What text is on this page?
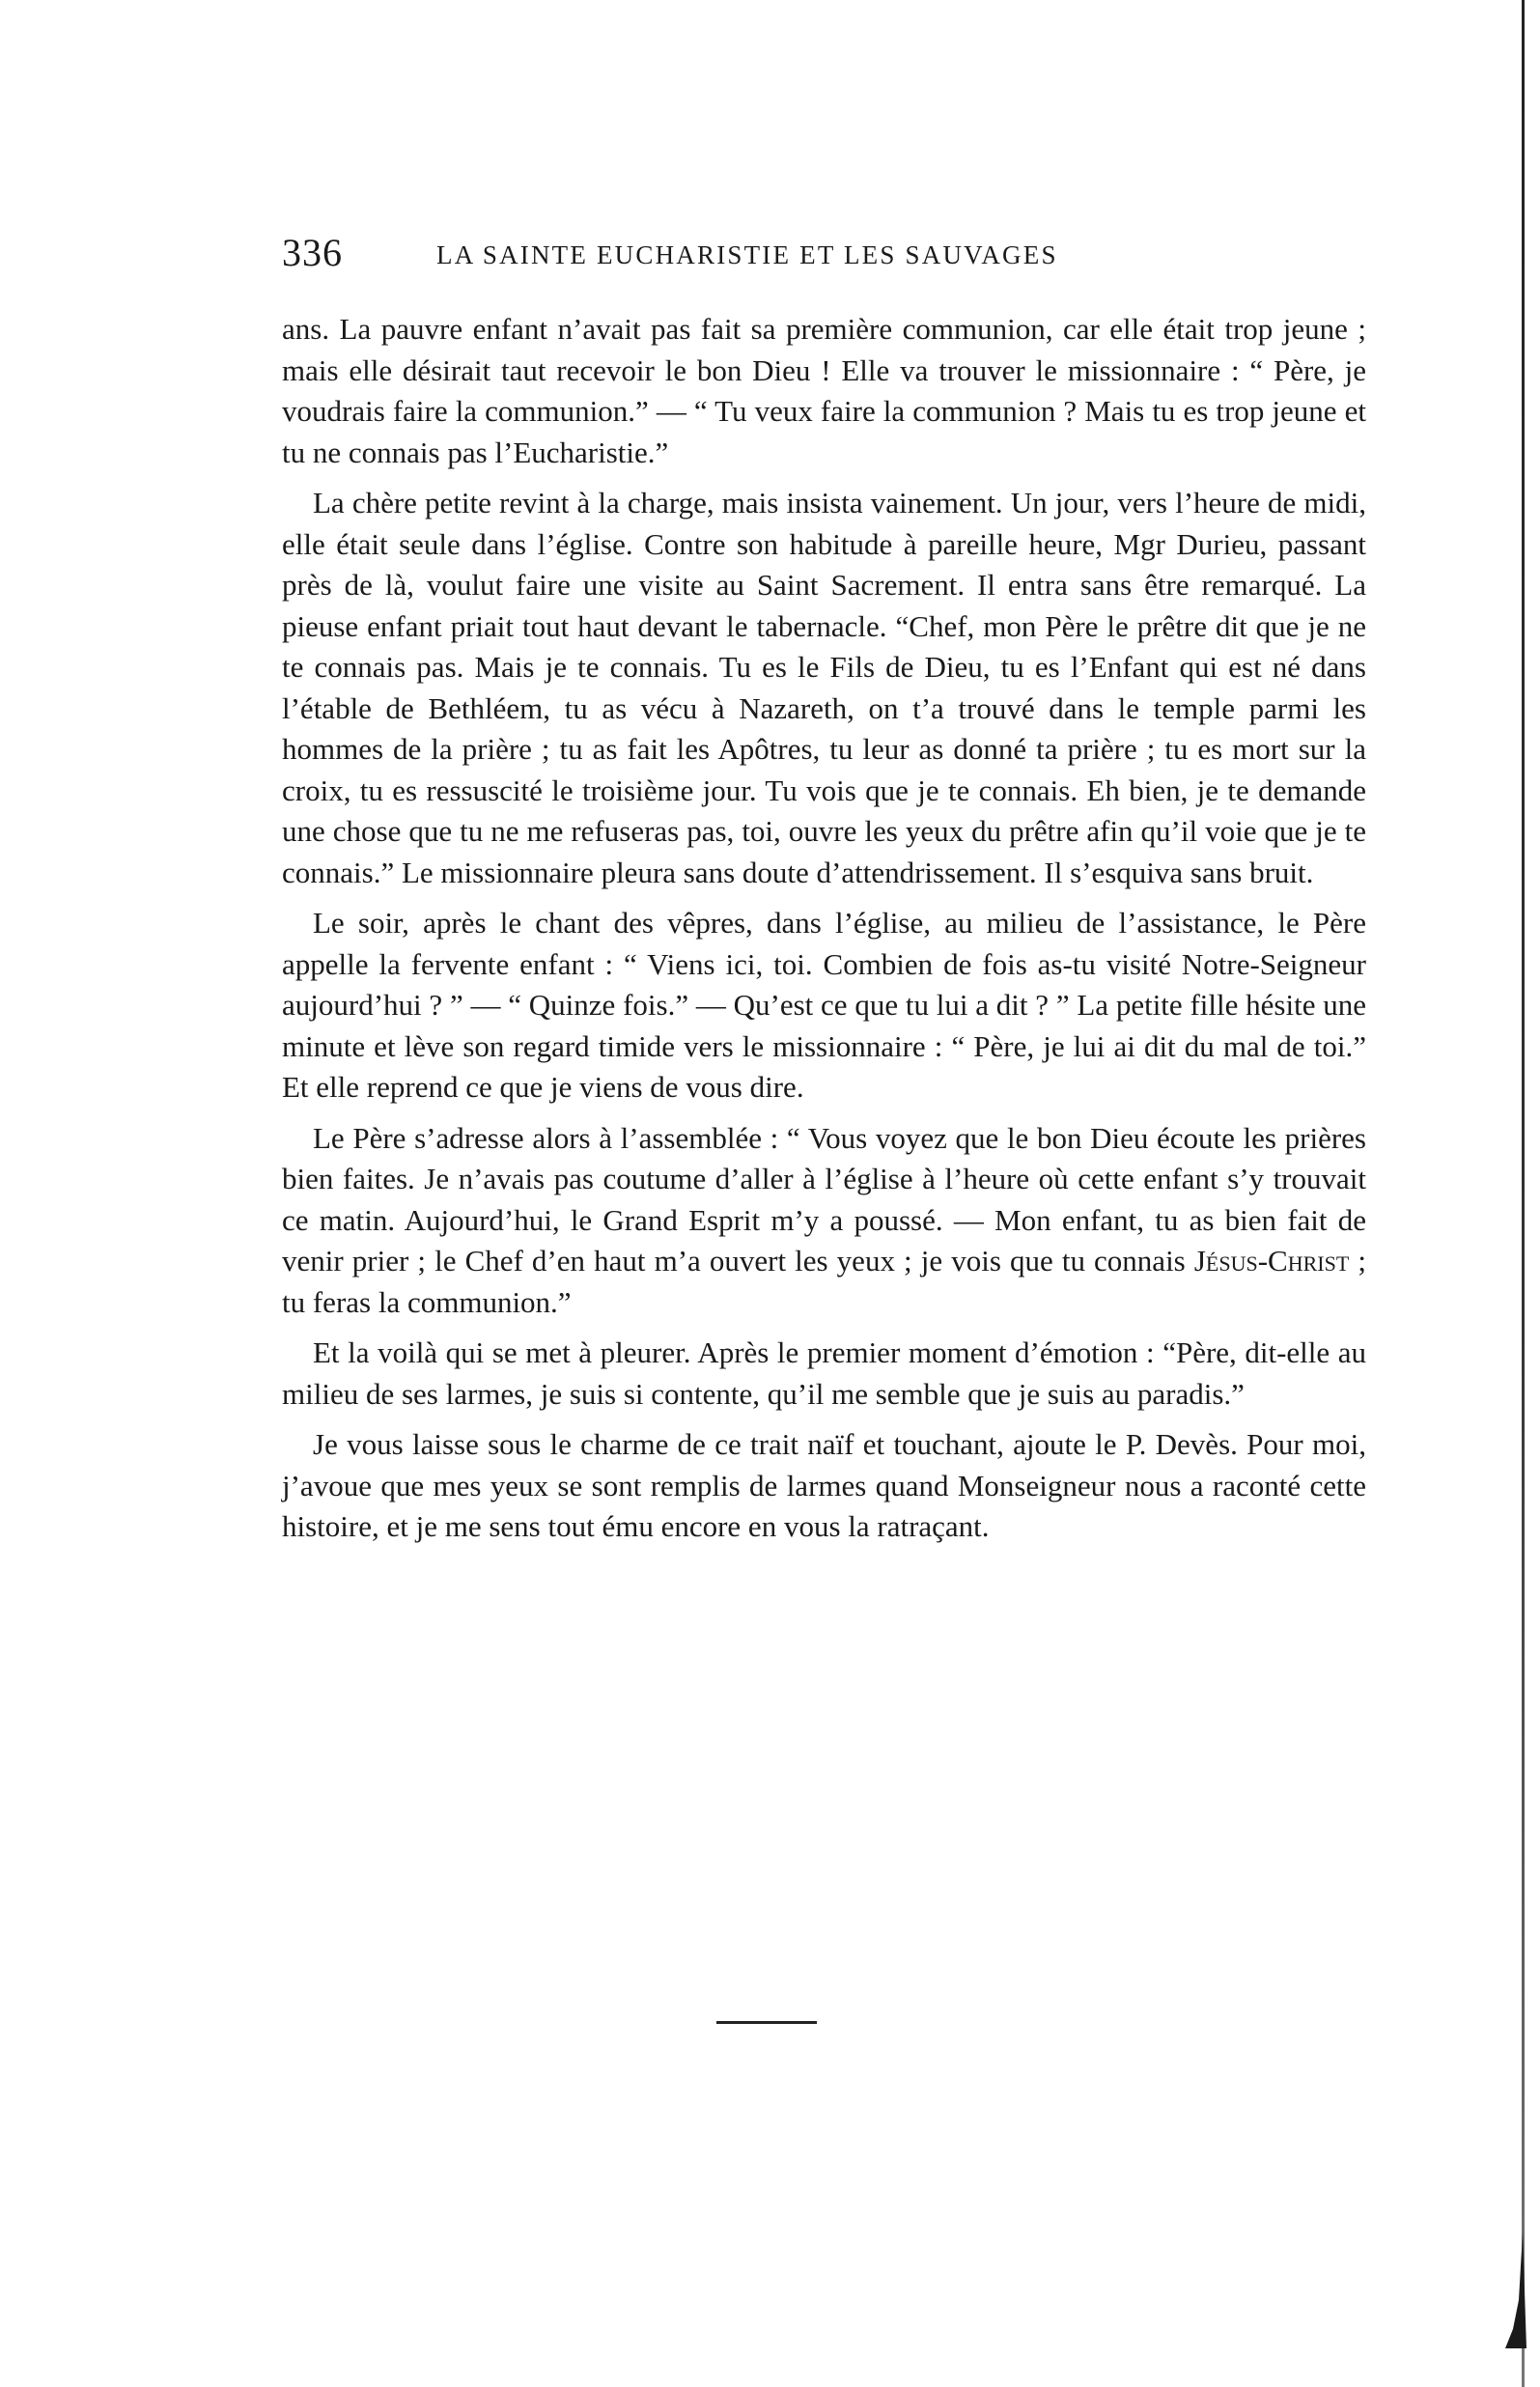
336	LA SAINTE EUCHARISTIE ET LES SAUVAGES

ans. La pauvre enfant n’avait pas fait sa première communion, car elle était trop jeune ; mais elle désirait taut recevoir le bon Dieu ! Elle va trouver le missionnaire : “ Père, je voudrais faire la communion.” — “ Tu veux faire la communion ? Mais tu es trop jeune et tu ne connais pas l’Eucharistie.”

La chère petite revint à la charge, mais insista vainement. Un jour, vers l’heure de midi, elle était seule dans l’église. Contre son habitude à pareille heure, Mgr Durieu, passant près de là, voulut faire une visite au Saint Sacrement. Il entra sans être remarqué. La pieuse enfant priait tout haut devant le tabernacle. “Chef, mon Père le prêtre dit que je ne te connais pas. Mais je te connais. Tu es le Fils de Dieu, tu es l’Enfant qui est né dans l’étable de Bethléem, tu as vécu à Nazareth, on t’a trouvé dans le temple parmi les hommes de la prière ; tu as fait les Apôtres, tu leur as donné ta prière ; tu es mort sur la croix, tu es ressuscité le troisième jour. Tu vois que je te connais. Eh bien, je te demande une chose que tu ne me refuseras pas, toi, ouvre les yeux du prêtre afin qu’il voie que je te connais.” Le missionnaire pleura sans doute d’attendrissement. Il s’esquiva sans bruit.

Le soir, après le chant des vêpres, dans l’église, au milieu de l’assistance, le Père appelle la fervente enfant : “ Viens ici, toi. Combien de fois as-tu visité Notre-Seigneur aujourd’hui ? ” — “ Quinze fois.” — Qu’est ce que tu lui a dit ? ” La petite fille hésite une minute et lève son regard timide vers le missionnaire : “ Père, je lui ai dit du mal de toi.” Et elle reprend ce que je viens de vous dire.

Le Père s’adresse alors à l’assemblée : “ Vous voyez que le bon Dieu écoute les prières bien faites. Je n’avais pas coutume d’aller à l’église à l’heure où cette enfant s’y trouvait ce matin. Aujourd’hui, le Grand Esprit m’y a poussé. — Mon enfant, tu as bien fait de venir prier ; le Chef d’en haut m’a ouvert les yeux ; je vois que tu connais Jésus-Christ ; tu feras la communion.”

Et la voilà qui se met à pleurer. Après le premier moment d’émotion : “Père, dit-elle au milieu de ses larmes, je suis si contente, qu’il me semble que je suis au paradis.”

Je vous laisse sous le charme de ce trait naïf et touchant, ajoute le P. Devès. Pour moi, j’avoue que mes yeux se sont remplis de larmes quand Monseigneur nous a raconté cette histoire, et je me sens tout ému encore en vous la ratraçant.
